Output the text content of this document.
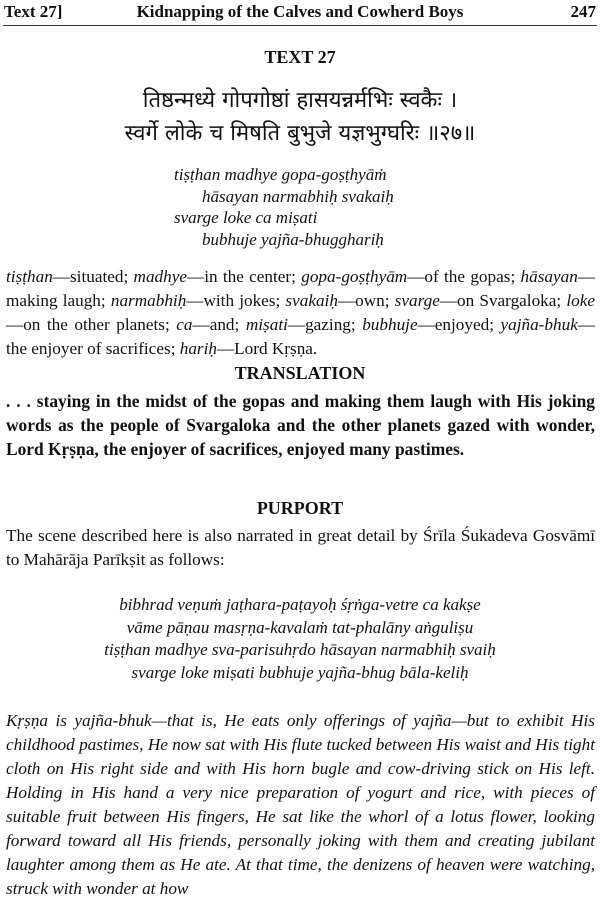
Text 27]	Kidnapping of the Calves and Cowherd Boys	247
TEXT 27
तिष्ठन्मध्ये गोपगोष्ठां हासयन्नर्मभिः स्वकैः ।
स्वर्गे लोके च मिषति बुभुजे यज्ञभुग्घरिः ॥२७॥
tiṣṭhan madhye gopa-goṣṭhyāṁ
hāsayan narmabhiḥ svakaiḥ
svarge loke ca miṣati
bubhuje yajña-bhugghariḥ
tiṣṭhan—situated; madhye—in the center; gopa-goṣṭhyām—of the gopas; hāsayan—making laugh; narmabhiḥ—with jokes; svakaiḥ—own; svarge—on Svargaloka; loke—on the other planets; ca—and; miṣati—gazing; bubhuje—enjoyed; yajña-bhuk—the enjoyer of sacrifices; hariḥ—Lord Kṛṣṇa.
TRANSLATION
. . . staying in the midst of the gopas and making them laugh with His joking words as the people of Svargaloka and the other planets gazed with wonder, Lord Kṛṣṇa, the enjoyer of sacrifices, enjoyed many pastimes.
PURPORT
The scene described here is also narrated in great detail by Śrīla Śukadeva Gosvāmī to Mahārāja Parīkṣit as follows:
bibhrad veṇuṁ jaṭhara-paṭayoḥ śṛṅga-vetre ca kakṣe
vāme pāṇau masṛṇa-kavalaṁ tat-phalāny aṅguliṣu
tiṣṭhan madhye sva-parisuhṛdo hāsayan narmabhiḥ svaiḥ
svarge loke miṣati bubhuje yajña-bhug bāla-keliḥ
Kṛṣṇa is yajña-bhuk—that is, He eats only offerings of yajña—but to exhibit His childhood pastimes, He now sat with His flute tucked between His waist and His tight cloth on His right side and with His horn bugle and cow-driving stick on His left. Holding in His hand a very nice preparation of yogurt and rice, with pieces of suitable fruit between His fingers, He sat like the whorl of a lotus flower, looking forward toward all His friends, personally joking with them and creating jubilant laughter among them as He ate. At that time, the denizens of heaven were watching, struck with wonder at how
